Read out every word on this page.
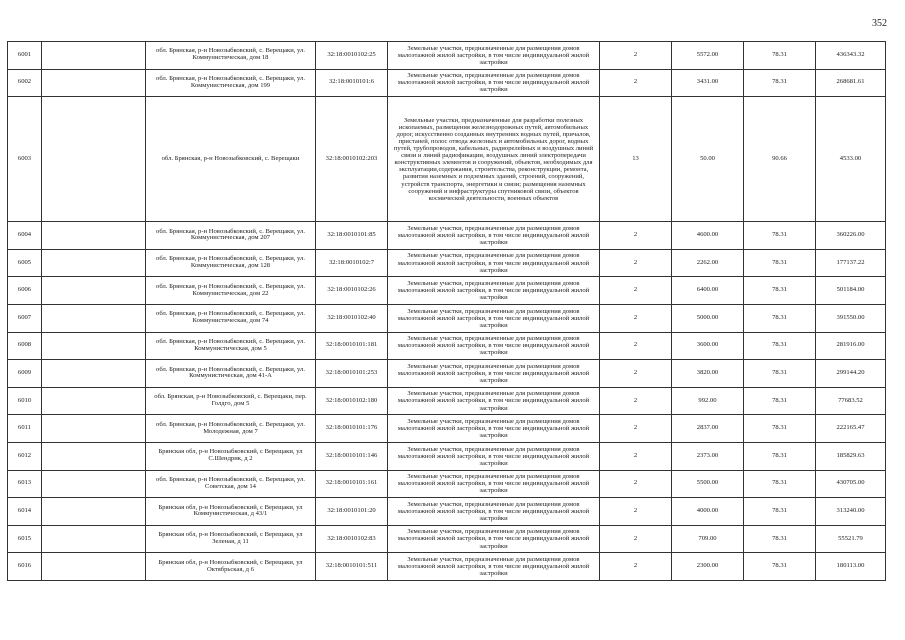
352
6001		обл. Брянская, р-н Новозыбковский, с. Верещаки, ул. Коммунистическая, дом 18	32:18:0010102:25	Земельные участки, предназначенные для размещения домов малоэтажной жилой застройки, в том числе индивидуальной жилой застройки	2	5572.00	78.31	436343.32
6002		обл. Брянская, р-н Новозыбковский, с. Верещаки, ул. Коммунистическая, дом 199	32:18:0010101:6	Земельные участки, предназначенные для размещения домов малоэтажной жилой застройки, в том числе индивидуальной жилой застройки	2	3431.00	78.31	268681.61
6003		обл. Брянская, р-н Новозыбковский, с. Верещаки	32:18:0010102:203	Земельные участки, предназначенные для разработки полезных ископаемых, размещения железнодорожных путей, автомобильных дорог, искусственно созданных внутренних водных путей, причалов, пристаней, полос отвода железных и автомобильных дорог, водных путей, трубопроводов, кабельных, радиорелейных и воздушных линий связи и линий радиофикации, воздушных линий электропередачи конструктивных элементов и сооружений, объектов, необходимых для эксплуатации,содержания, строительства, реконструкции, ремонта, развития наземных и подземных зданий, строений, сооружений, устройств транспорта, энергетики и связи; размещения наземных сооружений и инфраструктуры спутниковой связи, объектов космической деятельности, военных объектов	13	50.00	90.66	4533.00
6004		обл. Брянская, р-н Новозыбковский, с. Верещаки, ул. Коммунистическая, дом 207	32:18:0010101:85	Земельные участки, предназначенные для размещения домов малоэтажной жилой застройки, в том числе индивидуальной жилой застройки	2	4600.00	78.31	360226.00
6005		обл. Брянская, р-н Новозыбковский, с. Верещаки, ул. Коммунистическая, дом 128	32:18:0010102:7	Земельные участки, предназначенные для размещения домов малоэтажной жилой застройки, в том числе индивидуальной жилой застройки	2	2262.00	78.31	177137.22
6006		обл. Брянская, р-н Новозыбковский, с. Верещаки, ул. Коммунистическая, дом 22	32:18:0010102:26	Земельные участки, предназначенные для размещения домов малоэтажной жилой застройки, в том числе индивидуальной жилой застройки	2	6400.00	78.31	501184.00
6007		обл. Брянская, р-н Новозыбковский, с. Верещаки, ул. Коммунистическая, дом 74	32:18:0010102:40	Земельные участки, предназначенные для размещения домов малоэтажной жилой застройки, в том числе индивидуальной жилой застройки	2	5000.00	78.31	391550.00
6008		обл. Брянская, р-н Новозыбковский, с. Верещаки, ул. Коммунистическая, дом 5	32:18:0010101:181	Земельные участки, предназначенные для размещения домов малоэтажной жилой застройки, в том числе индивидуальной жилой застройки	2	3600.00	78.31	281916.00
6009		обл. Брянская, р-н Новозыбковский, с. Верещаки, ул. Коммунистическая, дом 41-А	32:18:0010101:253	Земельные участки, предназначенные для размещения домов малоэтажной жилой застройки, в том числе индивидуальной жилой застройки	2	3820.00	78.31	299144.20
6010		обл. Брянская, р-н Новозыбковский, с. Верещаки, пер. Голдго, дом 5	32:18:0010102:180	Земельные участки, предназначенные для размещения домов малоэтажной жилой застройки, в том числе индивидуальной жилой застройки	2	992.00	78.31	77683.52
6011		обл. Брянская, р-н Новозыбковский, с. Верещаки, ул. Молодежная, дом 7	32:18:0010101:176	Земельные участки, предназначенные для размещения домов малоэтажной жилой застройки, в том числе индивидуальной жилой застройки	2	2837.00	78.31	222165.47
6012		Брянская обл, р-н Новозыбковский, с Верещаки, ул С.Шендрик, д 2	32:18:0010101:146	Земельные участки, предназначенные для размещения домов малоэтажной жилой застройки, в том числе индивидуальной жилой застройки	2	2373.00	78.31	185829.63
6013		обл. Брянская, р-н Новозыбковский, с. Верещаки, ул. Советская, дом 14	32:18:0010101:161	Земельные участки, предназначенные для размещения домов малоэтажной жилой застройки, в том числе индивидуальной жилой застройки	2	5500.00	78.31	430705.00
6014		Брянская обл, р-н Новозыбковский, с Верещаки, ул Коммунистическая, д 43/1	32:18:0010101:20	Земельные участки, предназначенные для размещения домов малоэтажной жилой застройки, в том числе индивидуальной жилой застройки	2	4000.00	78.31	313240.00
6015		Брянская обл, р-н Новозыбковский, с Верещаки, ул Зеленая, д 11	32:18:0010102:83	Земельные участки, предназначенные для размещения домов малоэтажной жилой застройки, в том числе индивидуальной жилой застройки	2	709.00	78.31	55521.79
6016		Брянская обл, р-н Новозыбковский, с Верещаки, ул Октябрьская, д 6	32:18:0010101:511	Земельные участки, предназначенные для размещения домов малоэтажной жилой застройки, в том числе индивидуальной жилой застройки	2	2300.00	78.31	180113.00
